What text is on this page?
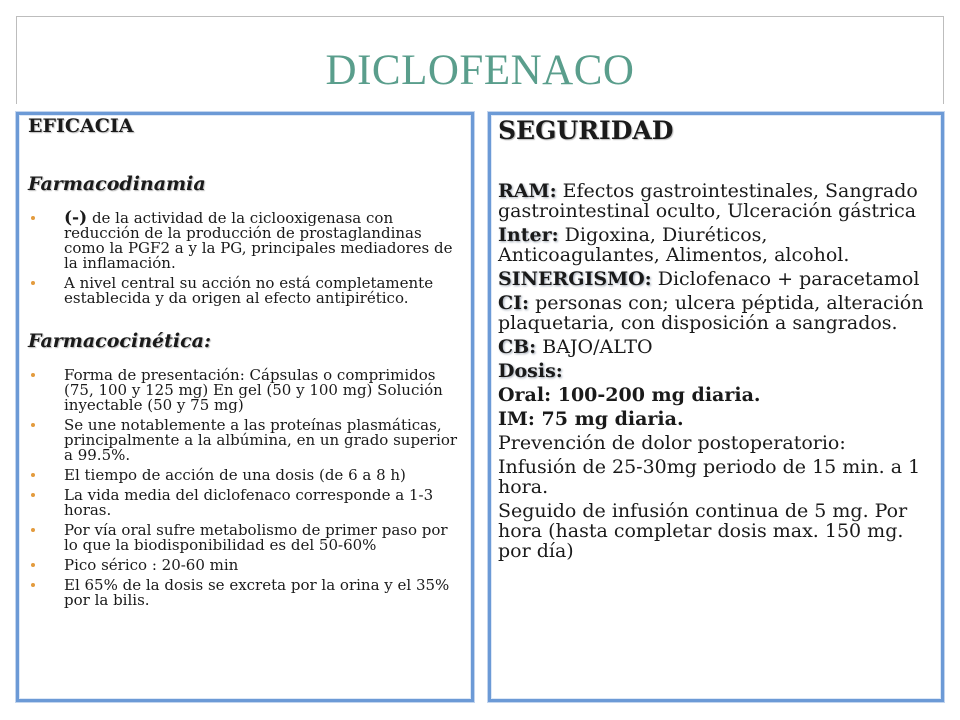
DICLOFENACO
EFICACIA
Farmacodinamia
(-) de la actividad de la ciclooxigenasa con reducción de la producción de prostaglandinas como la PGF2 a y la PG, principales mediadores de la inflamación.
A nivel central su acción no está completamente establecida y da origen al efecto antipirético.
Farmacocinética:
Forma de presentación: Cápsulas o comprimidos (75, 100 y 125 mg) En gel (50 y 100 mg) Solución inyectable (50 y 75 mg)
Se une notablemente a las proteínas plasmáticas, principalmente a la albúmina, en un grado superior a 99.5%.
El tiempo de acción de una dosis (de 6 a 8 h)
La vida media del diclofenaco corresponde a 1-3 horas.
Por vía oral sufre metabolismo de primer paso por lo que la biodisponibilidad es del 50-60%
Pico sérico : 20-60 min
El 65% de la dosis se excreta por la orina y el 35% por la bilis.
SEGURIDAD

RAM: Efectos gastrointestinales, Sangrado gastrointestinal oculto, Ulceración gástrica

Inter: Digoxina, Diuréticos, Anticoagulantes, Alimentos, alcohol.

SINERGISMO: Diclofenaco + paracetamol

CI: personas con; ulcera péptida, alteración plaquetaria, con disposición a sangrados.

CB: BAJO/ALTO

Dosis:

Oral: 100-200 mg diaria.

IM: 75 mg diaria.

Prevención de dolor postoperatorio:

Infusión de 25-30mg periodo de 15 min. a 1 hora.

Seguido de infusión continua de 5 mg. Por hora (hasta completar dosis max. 150 mg. por día)
